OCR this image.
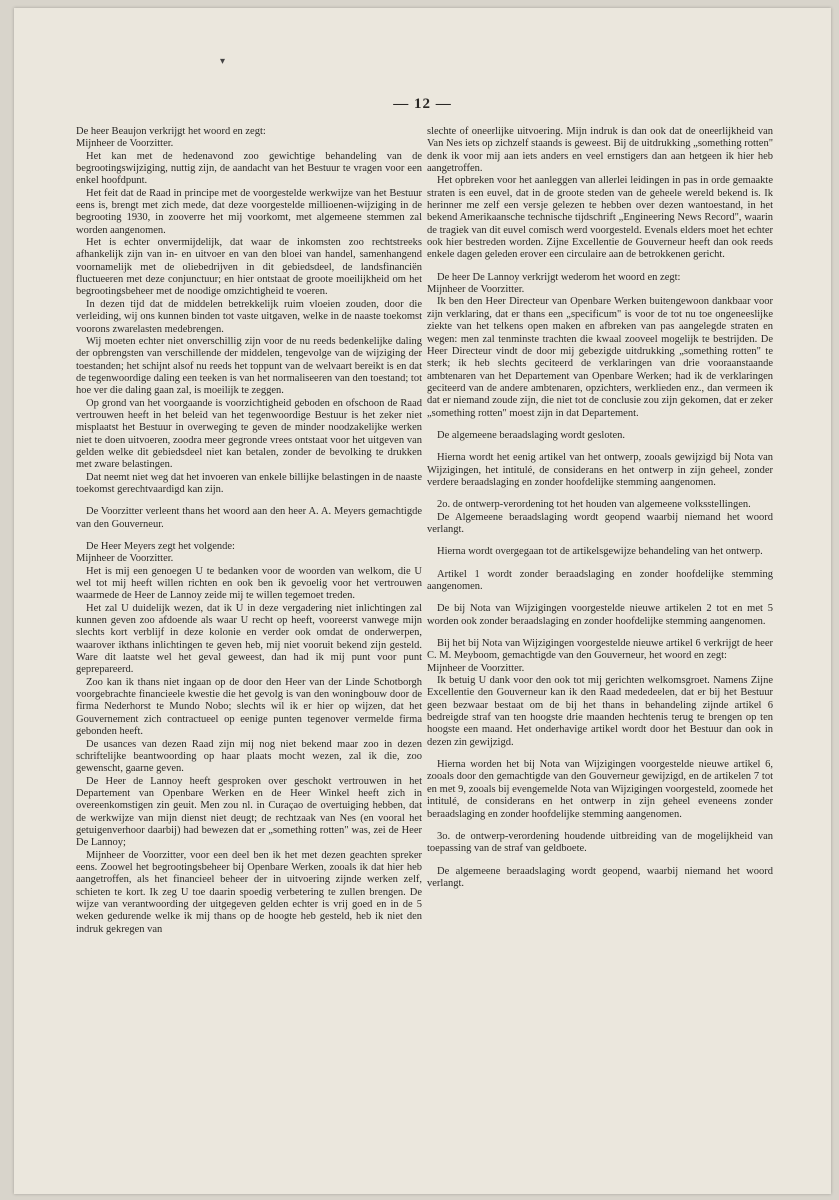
▾
— 12 —

De heer Beaujon verkrijgt het woord en zegt:

Mijnheer de Voorzitter.

Het kan met de hedenavond zoo gewichtige behandeling van de begrootingswijziging, nuttig zijn, de aandacht van het Bestuur te vragen voor een enkel hoofdpunt.

Het feit dat de Raad in principe met de voorgestelde werkwijze van het Bestuur eens is, brengt met zich mede, dat deze voorgestelde millioenen-wijziging in de begrooting 1930, in zooverre het mij voorkomt, met algemeene stemmen zal worden aangenomen.

Het is echter onvermijdelijk, dat waar de inkomsten zoo rechtstreeks afhankelijk zijn van in- en uitvoer en van den bloei van handel, samenhangend voornamelijk met de oliebedrijven in dit gebiedsdeel, de landsfinanciën fluctueeren met deze conjunctuur; en hier ontstaat de groote moeilijkheid om het begrootingsbeheer met de noodige omzichtigheid te voeren.

In dezen tijd dat de middelen betrekkelijk ruim vloeien zouden, door die verleiding, wij ons kunnen binden tot vaste uitgaven, welke in de naaste toekomst voorons zwarelasten medebrengen.

Wij moeten echter niet onverschillig zijn voor de nu reeds bedenkelijke daling der opbrengsten van verschillende der middelen, tengevolge van de wijziging der toestanden; het schijnt alsof nu reeds het toppunt van de welvaart bereikt is en dat de tegenwoordige daling een teeken is van het normaliseeren van den toestand; tot hoe ver die daling gaan zal, is moeilijk te zeggen.

Op grond van het voorgaande is voorzichtigheid geboden en ofschoon de Raad vertrouwen heeft in het beleid van het tegenwoordige Bestuur is het zeker niet misplaatst het Bestuur in overweging te geven de minder noodzakelijke werken niet te doen uitvoeren, zoodra meer gegronde vrees ontstaat voor het uitgeven van gelden welke dit gebiedsdeel niet kan betalen, zonder de bevolking te drukken met zware belastingen.

Dat neemt niet weg dat het invoeren van enkele billijke belastingen in de naaste toekomst gerechtvaardigd kan zijn.

De Voorzitter verleent thans het woord aan den heer A. A. Meyers gemachtigde van den Gouverneur.

De Heer Meyers zegt het volgende:

Mijnheer de Voorzitter.

Het is mij een genoegen U te bedanken voor de woorden van welkom, die U wel tot mij heeft willen richten en ook ben ik gevoelig voor het vertrouwen waarmede de Heer de Lannoy zeide mij te willen tegemoet treden.

Het zal U duidelijk wezen, dat ik U in deze vergadering niet inlichtingen zal kunnen geven zoo afdoende als waar U recht op heeft, vooreerst vanwege mijn slechts kort verblijf in deze kolonie en verder ook omdat de onderwerpen, waarover ikthans inlichtingen te geven heb, mij niet vooruit bekend zijn gesteld. Ware dit laatste wel het geval geweest, dan had ik mij punt voor punt geprepareerd.

Zoo kan ik thans niet ingaan op de door den Heer van der Linde Schotborgh voorgebrachte financieele kwestie die het gevolg is van den woningbouw door de firma Nederhorst te Mundo Nobo; slechts wil ik er hier op wijzen, dat het Gouvernement zich contractueel op eenige punten tegenover vermelde firma gebonden heeft.

De usances van dezen Raad zijn mij nog niet bekend maar zoo in dezen schriftelijke beantwoording op haar plaats mocht wezen, zal ik die, zoo gewenscht, gaarne geven.

De Heer de Lannoy heeft gesproken over geschokt vertrouwen in het Departement van Openbare Werken en de Heer Winkel heeft zich in overeenkomstigen zin geuit. Men zou nl. in Curaçao de overtuiging hebben, dat de werkwijze van mijn dienst niet deugt; de rechtzaak van Nes (en vooral het getuigenverhoor daarbij) had bewezen dat er „something rotten" was, zei de Heer De Lannoy;

Mijnheer de Voorzitter, voor een deel ben ik het met dezen geachten spreker eens. Zoowel het begrootingsbeheer bij Openbare Werken, zooals ik dat hier heb aangetroffen, als het financieel beheer der in uitvoering zijnde werken zelf, schieten te kort. Ik zeg U toe daarin spoedig verbetering te zullen brengen. De wijze van verantwoording der uitgegeven gelden echter is vrij goed en in de 5 weken gedurende welke ik mij thans op de hoogte heb gesteld, heb ik niet den indruk gekregen van

slechte of oneerlijke uitvoering. Mijn indruk is dan ook dat de oneerlijkheid van Van Nes iets op zichzelf staands is geweest. Bij de uitdrukking „something rotten" denk ik voor mij aan iets anders en veel ernstigers dan aan hetgeen ik hier heb aangetroffen.

Het opbreken voor het aanleggen van allerlei leidingen in pas in orde gemaakte straten is een euvel, dat in de groote steden van de geheele wereld bekend is. Ik herinner me zelf een versje gelezen te hebben over dezen wantoestand, in het bekend Amerikaansche technische tijdschrift „Engineering News Record", waarin de tragiek van dit euvel comisch werd voorgesteld. Evenals elders moet het echter ook hier bestreden worden. Zijne Excellentie de Gouverneur heeft dan ook reeds enkele dagen geleden erover een circulaire aan de betrokkenen gericht.

De heer De Lannoy verkrijgt wederom het woord en zegt:

Mijnheer de Voorzitter.

Ik ben den Heer Directeur van Openbare Werken buitengewoon dankbaar voor zijn verklaring, dat er thans een „specificum" is voor de tot nu toe ongeneeslijke ziekte van het telkens open maken en afbreken van pas aangelegde straten en wegen: men zal tenminste trachten die kwaal zooveel mogelijk te bestrijden. De Heer Directeur vindt de door mij gebezigde uitdrukking „something rotten" te sterk; ik heb slechts geciteerd de verklaringen van drie vooraanstaande ambtenaren van het Departement van Openbare Werken; had ik de verklaringen geciteerd van de andere ambtenaren, opzichters, werklieden enz., dan vermeen ik dat er niemand zoude zijn, die niet tot de conclusie zou zijn gekomen, dat er zeker „something rotten" moest zijn in dat Departement.

De algemeene beraadslaging wordt gesloten.

Hierna wordt het eenig artikel van het ontwerp, zooals gewijzigd bij Nota van Wijzigingen, het intitulé, de considerans en het ontwerp in zijn geheel, zonder verdere beraadslaging en zonder hoofdelijke stemming aangenomen.

2o. de ontwerp-verordening tot het houden van algemeene volksstellingen.

De Algemeene beraadslaging wordt geopend waarbij niemand het woord verlangt.

Hierna wordt overgegaan tot de artikelsgewijze behandeling van het ontwerp.

Artikel 1 wordt zonder beraadslaging en zonder hoofdelijke stemming aangenomen.

De bij Nota van Wijzigingen voorgestelde nieuwe artikelen 2 tot en met 5 worden ook zonder beraadslaging en zonder hoofdelijke stemming aangenomen.

Bij het bij Nota van Wijzigingen voorgestelde nieuwe artikel 6 verkrijgt de heer C. M. Meyboom, gemachtigde van den Gouverneur, het woord en zegt:

Mijnheer de Voorzitter.

Ik betuig U dank voor den ook tot mij gerichten welkomsgroet. Namens Zijne Excellentie den Gouverneur kan ik den Raad mededeelen, dat er bij het Bestuur geen bezwaar bestaat om de bij het thans in behandeling zijnde artikel 6 bedreigde straf van ten hoogste drie maanden hechtenis terug te brengen op ten hoogste een maand. Het onderhavige artikel wordt door het Bestuur dan ook in dezen zin gewijzigd.

Hierna worden het bij Nota van Wijzigingen voorgestelde nieuwe artikel 6, zooals door den gemachtigde van den Gouverneur gewijzigd, en de artikelen 7 tot en met 9, zooals bij evengemelde Nota van Wijzigingen voorgesteld, zoomede het intitulé, de considerans en het ontwerp in zijn geheel eveneens zonder beraadslaging en zonder hoofdelijke stemming aangenomen.

3o. de ontwerp-verordening houdende uitbreiding van de mogelijkheid van toepassing van de straf van geldboete.

De algemeene beraadslaging wordt geopend, waarbij niemand het woord verlangt.
